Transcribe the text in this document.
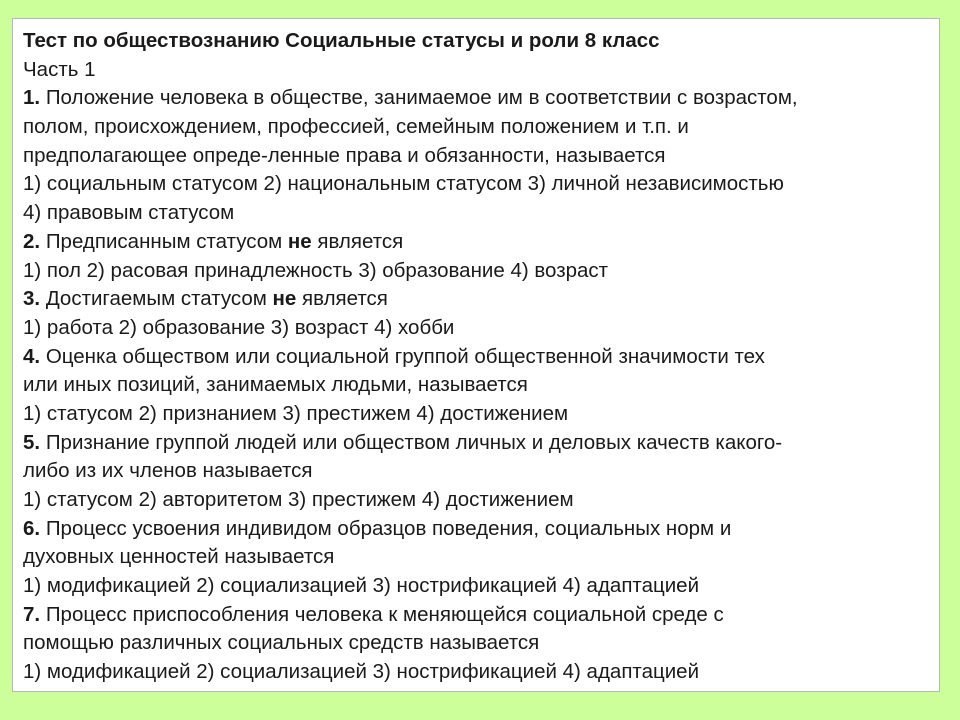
Тест по обществознанию Социальные статусы и роли 8 класс
Часть 1
1. Положение человека в обществе, занимаемое им в соответствии с возрастом,
полом, происхождением, профессией, семейным положением и т.п. и
предполагающее опреде-ленные права и обязанности, называется
1) социальным статусом 2) национальным статусом 3) личной независимостью
4) правовым статусом
2. Предписанным статусом не является
1) пол 2) расовая принадлежность 3) образование 4) возраст
3. Достигаемым статусом не является
1) работа 2) образование 3) возраст 4) хобби
4. Оценка обществом или социальной группой общественной значимости тех
или иных позиций, занимаемых людьми, называется
1) статусом 2) признанием 3) престижем 4) достижением
5. Признание группой людей или обществом личных и деловых качеств какого-
либо из их членов называется
1) статусом 2) авторитетом 3) престижем 4) достижением
6. Процесс усвоения индивидом образцов поведения, социальных норм и
духовных ценностей называется
1) модификацией 2) социализацией 3) нострификацией 4) адаптацией
7. Процесс приспособления человека к меняющейся социальной среде с
помощью различных социальных средств называется
1) модификацией 2) социализацией 3) нострификацией 4) адаптацией
